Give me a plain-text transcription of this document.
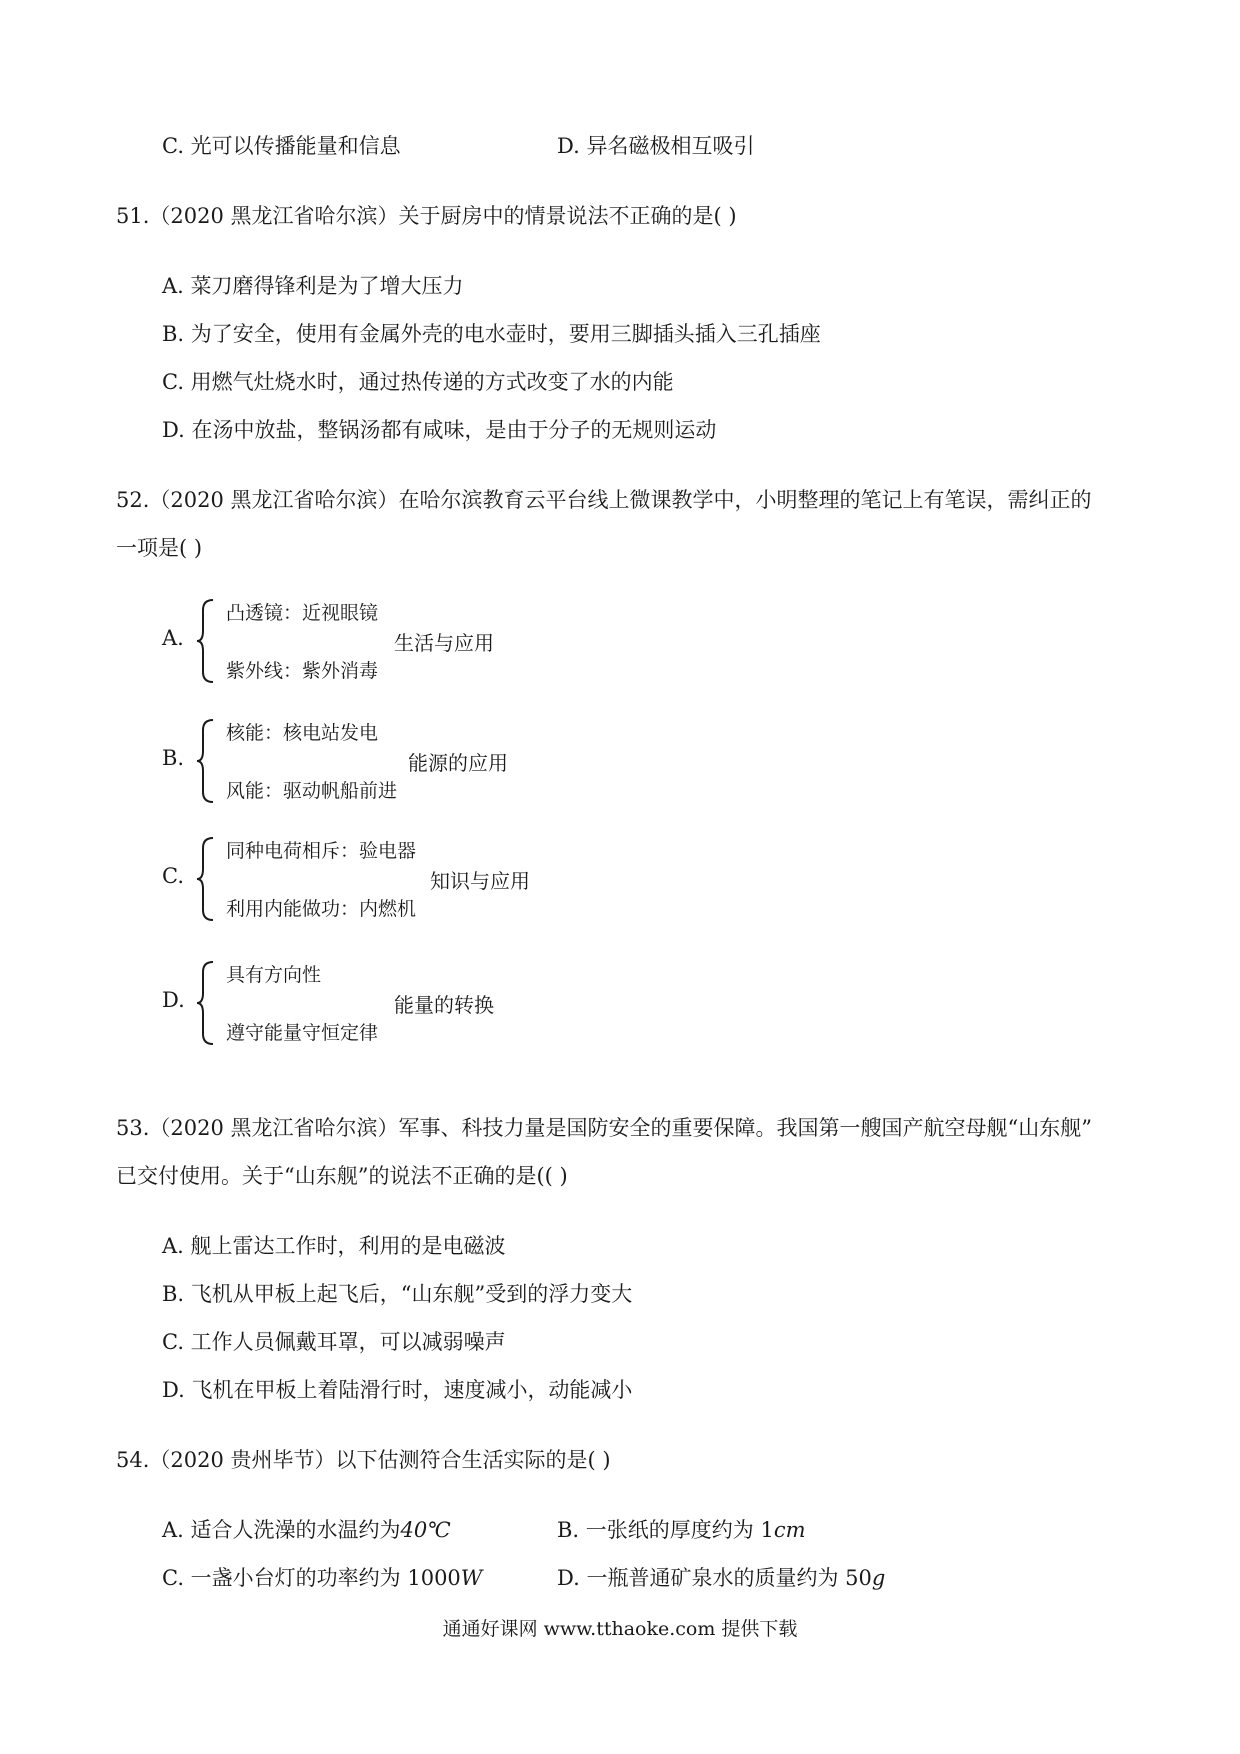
C. 光可以传播能量和信息	D. 异名磁极相互吸引
51.（2020 黑龙江省哈尔滨）关于厨房中的情景说法不正确的是( )
A. 菜刀磨得锋利是为了增大压力
B. 为了安全，使用有金属外壳的电水壶时，要用三脚插头插入三孔插座
C. 用燃气灶烧水时，通过热传递的方式改变了水的内能
D. 在汤中放盐，整锅汤都有咸味，是由于分子的无规则运动
52.（2020 黑龙江省哈尔滨）在哈尔滨教育云平台线上微课教学中，小明整理的笔记上有笔误，需纠正的
一项是( )
A.
凸透镜：近视眼镜
生活与应用
紫外线：紫外消毒
B.
核能：核电站发电
能源的应用
风能：驱动帆船前进
C.
同种电荷相斥：验电器
知识与应用
利用内能做功：内燃机
D.
具有方向性
能量的转换
遵守能量守恒定律
53.（2020 黑龙江省哈尔滨）军事、科技力量是国防安全的重要保障。我国第一艘国产航空母舰“山东舰”
已交付使用。关于“山东舰”的说法不正确的是(( )
A. 舰上雷达工作时，利用的是电磁波
B. 飞机从甲板上起飞后，“山东舰”受到的浮力变大
C. 工作人员佩戴耳罩，可以减弱噪声
D. 飞机在甲板上着陆滑行时，速度减小，动能减小
54.（2020 贵州毕节）以下估测符合生活实际的是( )
A. 适合人洗澡的水温约为40℃	B. 一张纸的厚度约为 1cm
C. 一盏小台灯的功率约为 1000W	D. 一瓶普通矿泉水的质量约为 50g
通通好课网 www.tthaoke.com 提供下载
